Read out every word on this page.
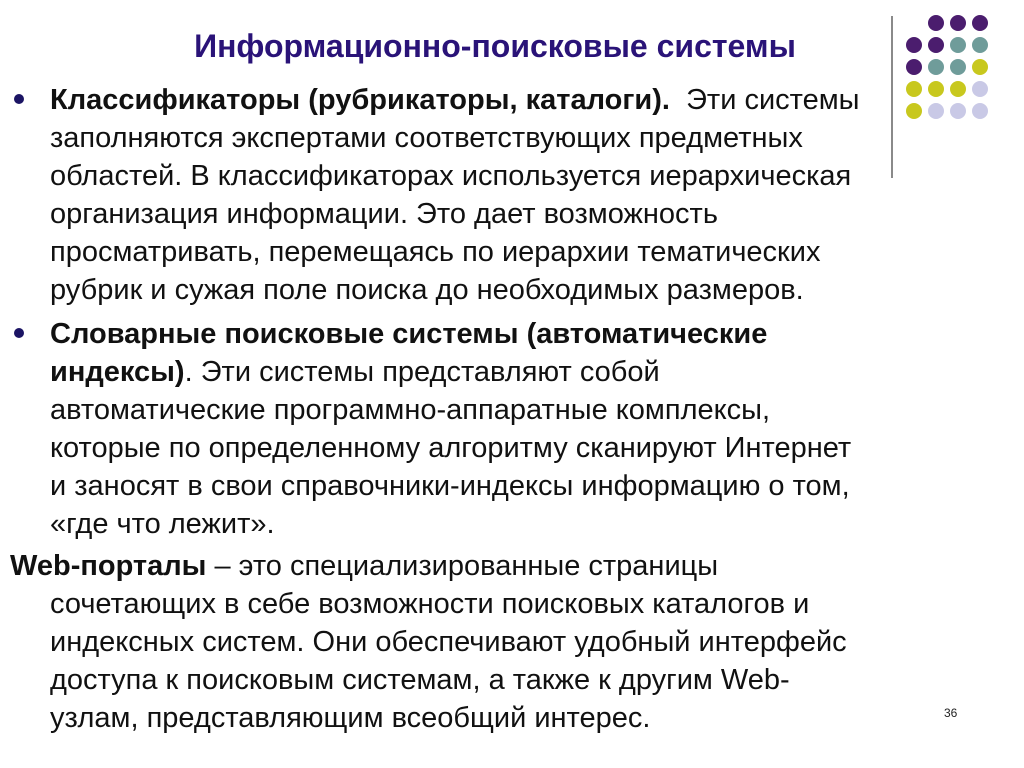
Информационно-поисковые системы
Классификаторы (рубрикаторы, каталоги).  Эти системы
заполняются экспертами соответствующих предметных
областей. В классификаторах используется иерархическая
организация информации. Это дает возможность
просматривать, перемещаясь по иерархии тематических
рубрик и сужая поле поиска до необходимых размеров.
Словарные поисковые системы (автоматические
индексы). Эти системы представляют собой
автоматические программно-аппаратные комплексы,
которые по определенному алгоритму сканируют Интернет
и заносят в свои справочники-индексы информацию о том,
«где что лежит».
Web-порталы – это специализированные страницы
сочетающих в себе возможности поисковых каталогов и
индексных систем. Они обеспечивают удобный интерфейс
доступа к поисковым системам, а также к другим Web-
узлам, представляющим всеобщий интерес.	36
